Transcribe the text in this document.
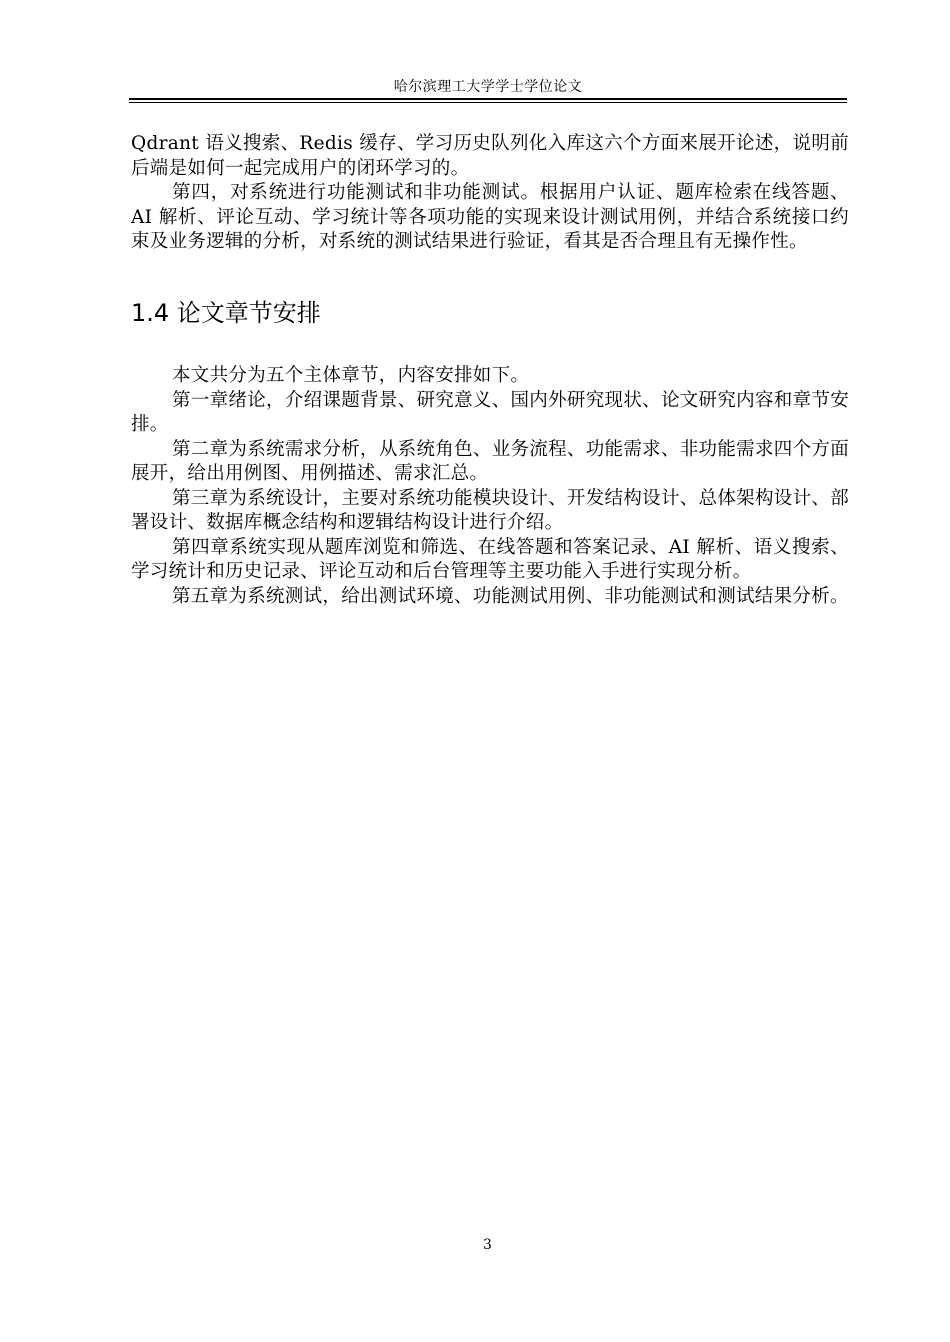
哈尔滨理工大学学士学位论文

Qdrant 语义搜索、Redis 缓存、学习历史队列化入库这六个方面来展开论述，说明前后端是如何一起完成用户的闭环学习的。

第四，对系统进行功能测试和非功能测试。根据用户认证、题库检索在线答题、AI 解析、评论互动、学习统计等各项功能的实现来设计测试用例，并结合系统接口约束及业务逻辑的分析，对系统的测试结果进行验证，看其是否合理且有无操作性。

1.4 论文章节安排

本文共分为五个主体章节，内容安排如下。

第一章绪论，介绍课题背景、研究意义、国内外研究现状、论文研究内容和章节安排。

第二章为系统需求分析，从系统角色、业务流程、功能需求、非功能需求四个方面展开，给出用例图、用例描述、需求汇总。

第三章为系统设计，主要对系统功能模块设计、开发结构设计、总体架构设计、部署设计、数据库概念结构和逻辑结构设计进行介绍。

第四章系统实现从题库浏览和筛选、在线答题和答案记录、AI 解析、语义搜索、学习统计和历史记录、评论互动和后台管理等主要功能入手进行实现分析。

第五章为系统测试，给出测试环境、功能测试用例、非功能测试和测试结果分析。

3
